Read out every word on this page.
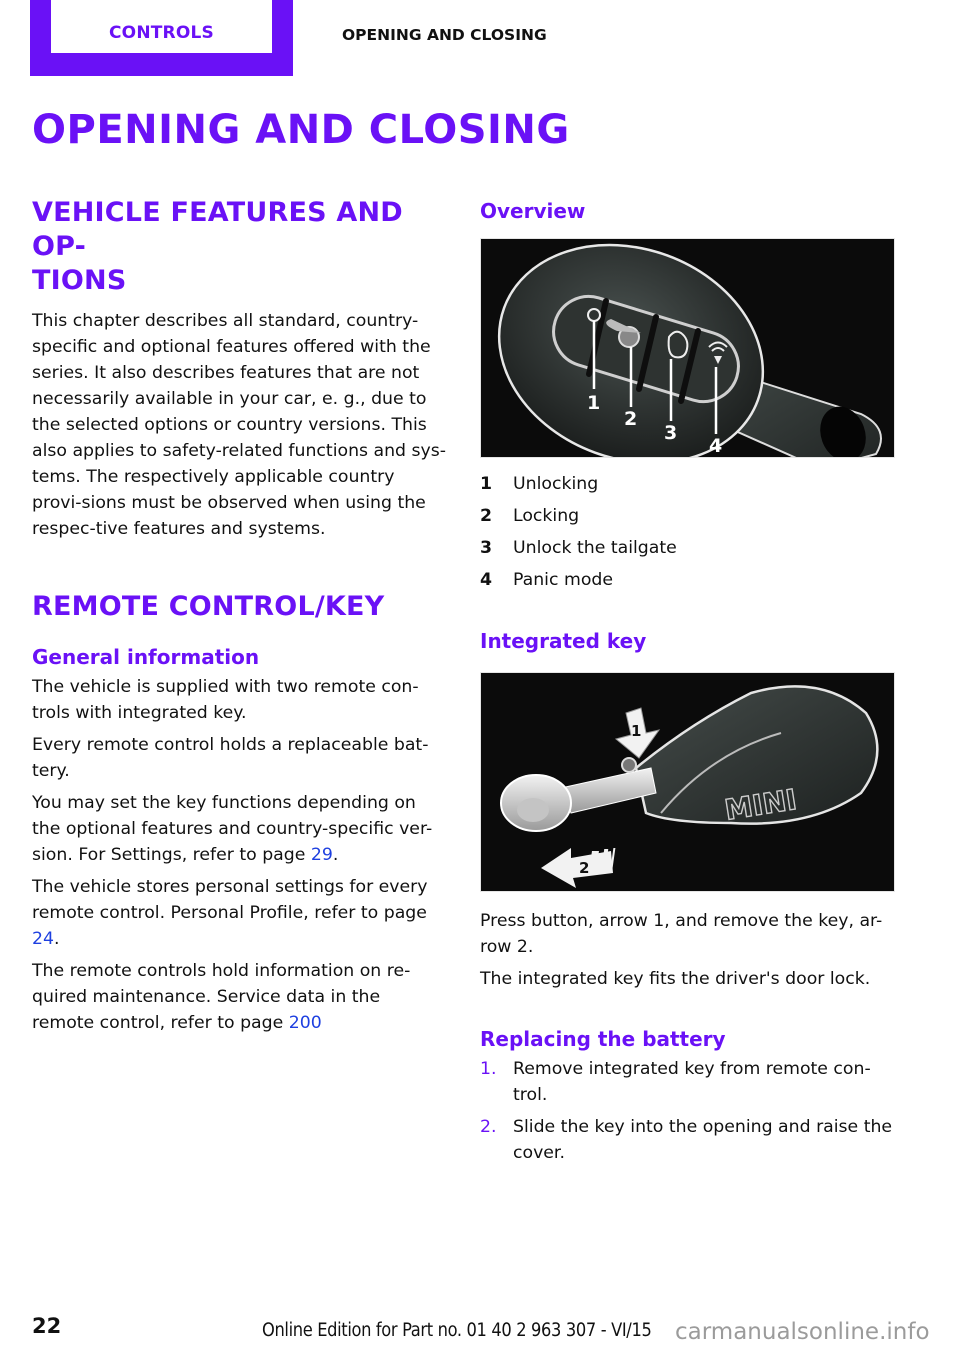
CONTROLS	OPENING AND CLOSING
OPENING AND CLOSING
VEHICLE FEATURES AND OP-
TIONS

This chapter describes all standard, country-specific and optional features offered with the series. It also describes features that are not necessarily available in your car, e. g., due to the selected options or country versions. This also applies to safety-related functions and sys-tems. The respectively applicable country provi-sions must be observed when using the respec-tive features and systems.

REMOTE CONTROL/KEY
General information

The vehicle is supplied with two remote con-trols with integrated key.

Every remote control holds a replaceable bat-tery.

You may set the key functions depending on the optional features and country-specific ver-sion. For Settings, refer to page 29.

The vehicle stores personal settings for every remote control. Personal Profile, refer to page 24.

The remote controls hold information on re-quired maintenance. Service data in the remote control, refer to page 200

Overview
1
2
3
4
1	Unlocking
2	Locking
3	Unlock the tailgate
4	Panic mode
Integrated key
MINI
1
2

Press button, arrow 1, and remove the key, ar-row 2.

The integrated key fits the driver's door lock.

Replacing the battery
1. Remove integrated key from remote con-trol.
2. Slide the key into the opening and raise the cover.
22	Online Edition for Part no. 01 40 2 963 307 - VI/15 carmanualsonline.info
